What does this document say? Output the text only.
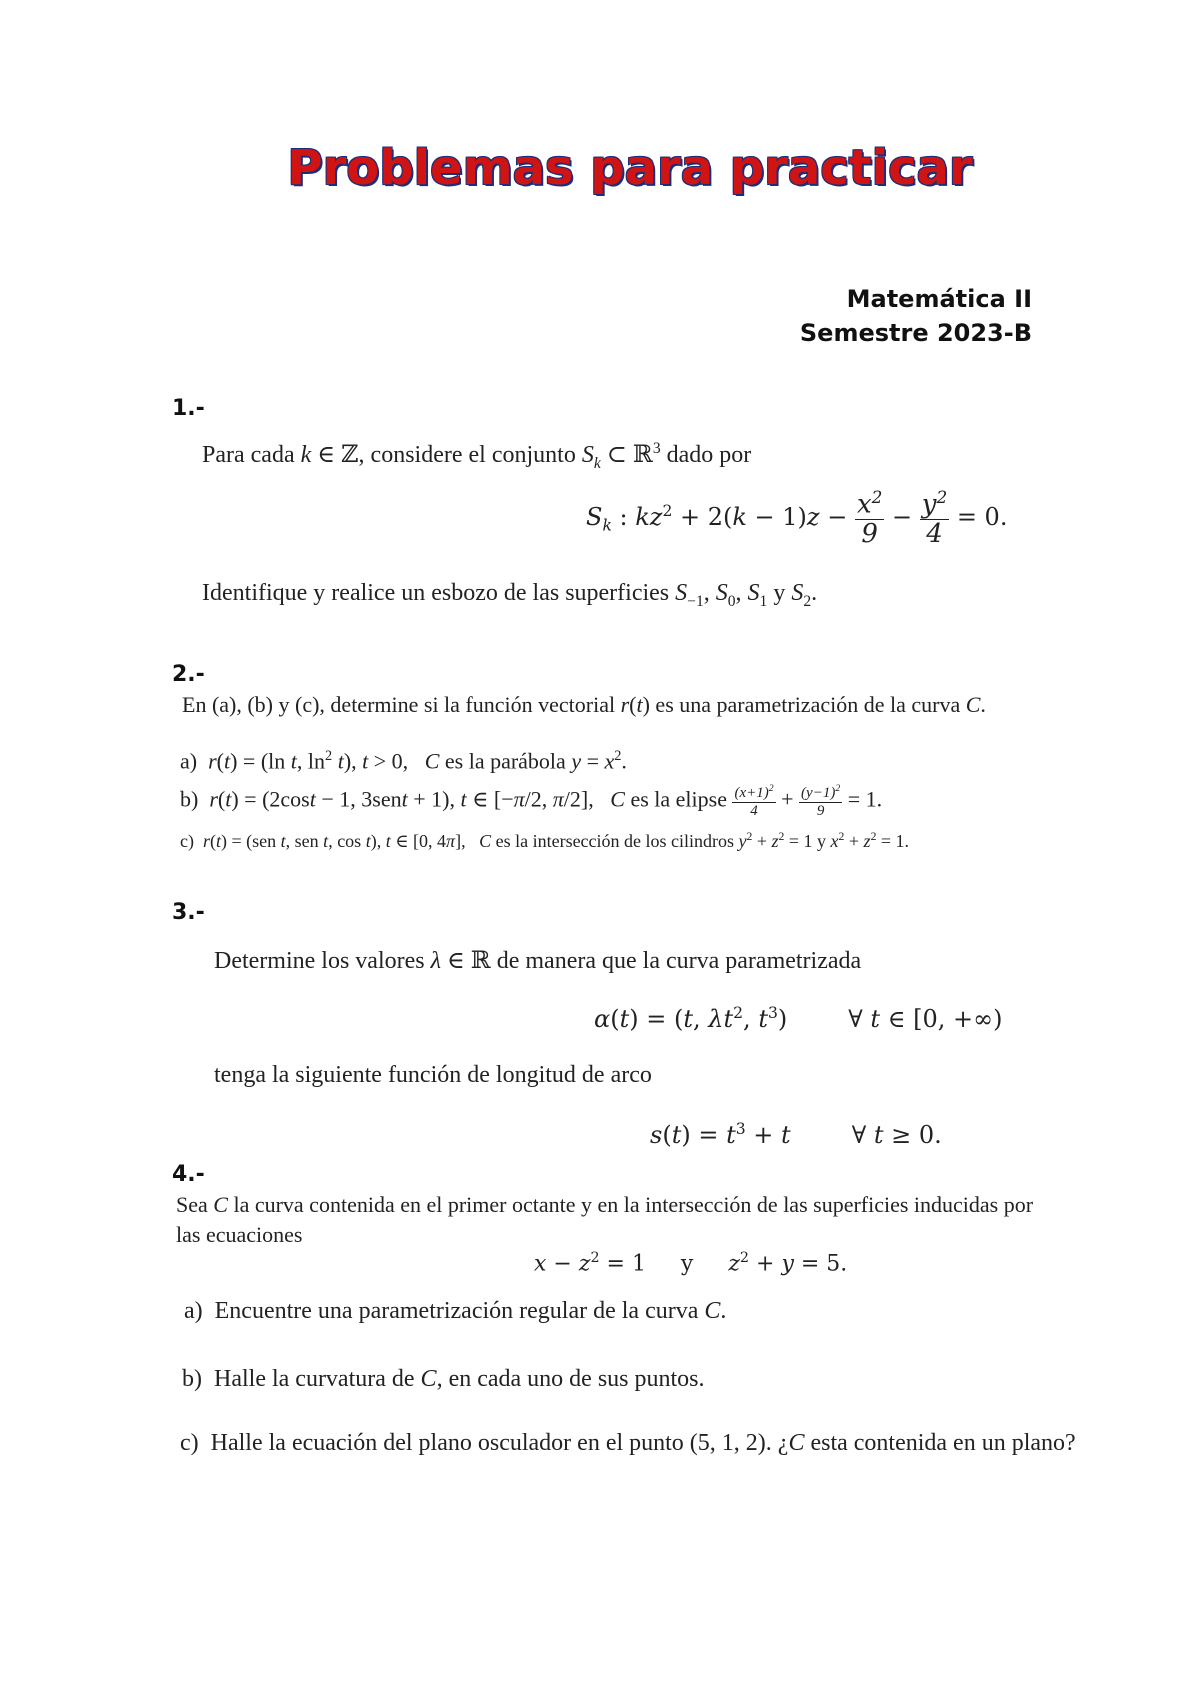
Problemas para practicar
Matemática II
Semestre 2023-B
1.-
Para cada k ∈ ℤ, considere el conjunto $S_k$ ⊂ ℝ$^3$ dado por
$S_k$ : $kz^2 + 2(k - 1)z - \frac{x^2}{9} - \frac{y^2}{4} = 0$.
Identifique y realice un esbozo de las superficies $S_{-1}$, $S_0$, $S_1$ y $S_2$.
2.-
En (a), (b) y (c), determine si la función vectorial r(t) es una parametrización de la curva C.
a)  r(t) = (ln t, $\ln^2 t$), t > 0,   C es la parábola $y = x^2$.
b)  r(t) = (2cost − 1, 3sent + 1), t ∈ [−π/2, π/2],   C es la elipse $\frac{(x+1)^2}{4} + \frac{(y-1)^2}{9} = 1$.
c)  r(t) = (sen t, sen t, cos t), t ∈ [0, 4π],   C es la intersección de los cilindros $y^2 + z^2 = 1$ y $x^2 + z^2 = 1$.
3.-
Determine los valores λ ∈ ℝ de manera que la curva parametrizada
α(t) = (t, $\lambda t^2$, $t^3$)        ∀ t ∈ [0, +∞)
tenga la siguiente función de longitud de arco
$s(t) = t^3 + t$        ∀ t ≥ 0.
4.-
Sea C la curva contenida en el primer octante y en la intersección de las superficies inducidas por
las ecuaciones
$x - z^2 = 1$     y     $z^2 + y = 5$.
a)  Encuentre una parametrización regular de la curva C.
b)  Halle la curvatura de C, en cada uno de sus puntos.
c)  Halle la ecuación del plano osculador en el punto (5, 1, 2). ¿C esta contenida en un plano?
